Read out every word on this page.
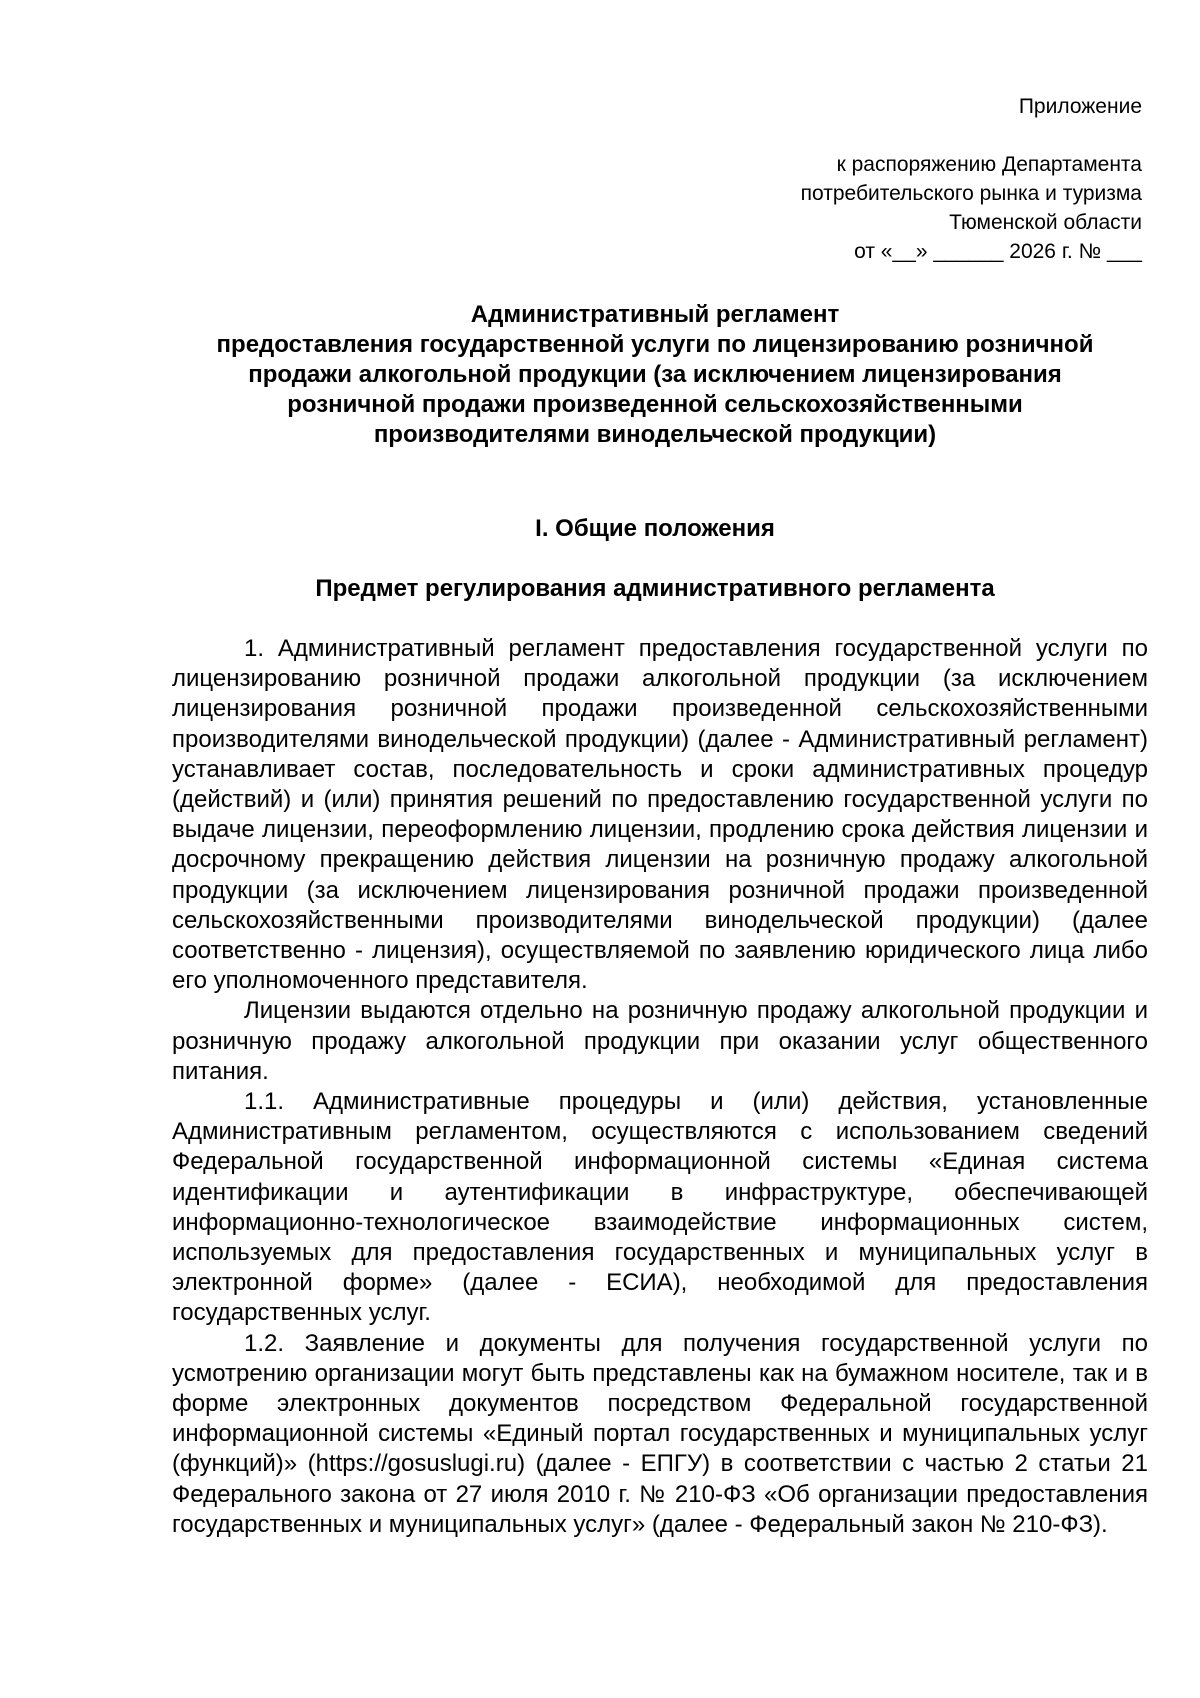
Приложение
к распоряжению Департамента
потребительского рынка и туризма
Тюменской области
от «__» ______ 2026 г. № ___
Административный регламент
предоставления государственной услуги по лицензированию розничной
продажи алкогольной продукции (за исключением лицензирования
розничной продажи произведенной сельскохозяйственными
производителями винодельческой продукции)
I. Общие положения
Предмет регулирования административного регламента

1. Административный регламент предоставления государственной услуги по лицензированию розничной продажи алкогольной продукции (за исключением лицензирования розничной продажи произведенной сельскохозяйственными производителями винодельческой продукции) (далее - Административный регламент) устанавливает состав, последовательность и сроки административных процедур (действий) и (или) принятия решений по предоставлению государственной услуги по выдаче лицензии, переоформлению лицензии, продлению срока действия лицензии и досрочному прекращению действия лицензии на розничную продажу алкогольной продукции (за исключением лицензирования розничной продажи произведенной сельскохозяйственными производителями винодельческой продукции) (далее соответственно - лицензия), осуществляемой по заявлению юридического лица либо его уполномоченного представителя.

Лицензии выдаются отдельно на розничную продажу алкогольной продукции и розничную продажу алкогольной продукции при оказании услуг общественного питания.

1.1. Административные процедуры и (или) действия, установленные Административным регламентом, осуществляются с использованием сведений Федеральной государственной информационной системы «Единая система идентификации и аутентификации в инфраструктуре, обеспечивающей информационно-технологическое взаимодействие информационных систем, используемых для предоставления государственных и муниципальных услуг в электронной форме» (далее - ЕСИА), необходимой для предоставления государственных услуг.

1.2. Заявление и документы для получения государственной услуги по усмотрению организации могут быть представлены как на бумажном носителе, так и в форме электронных документов посредством Федеральной государственной информационной системы «Единый портал государственных и муниципальных услуг (функций)» (https://gosuslugi.ru) (далее - ЕПГУ) в соответствии с частью 2 статьи 21 Федерального закона от 27 июля 2010 г. № 210-ФЗ «Об организации предоставления государственных и муниципальных услуг» (далее - Федеральный закон № 210-ФЗ).
